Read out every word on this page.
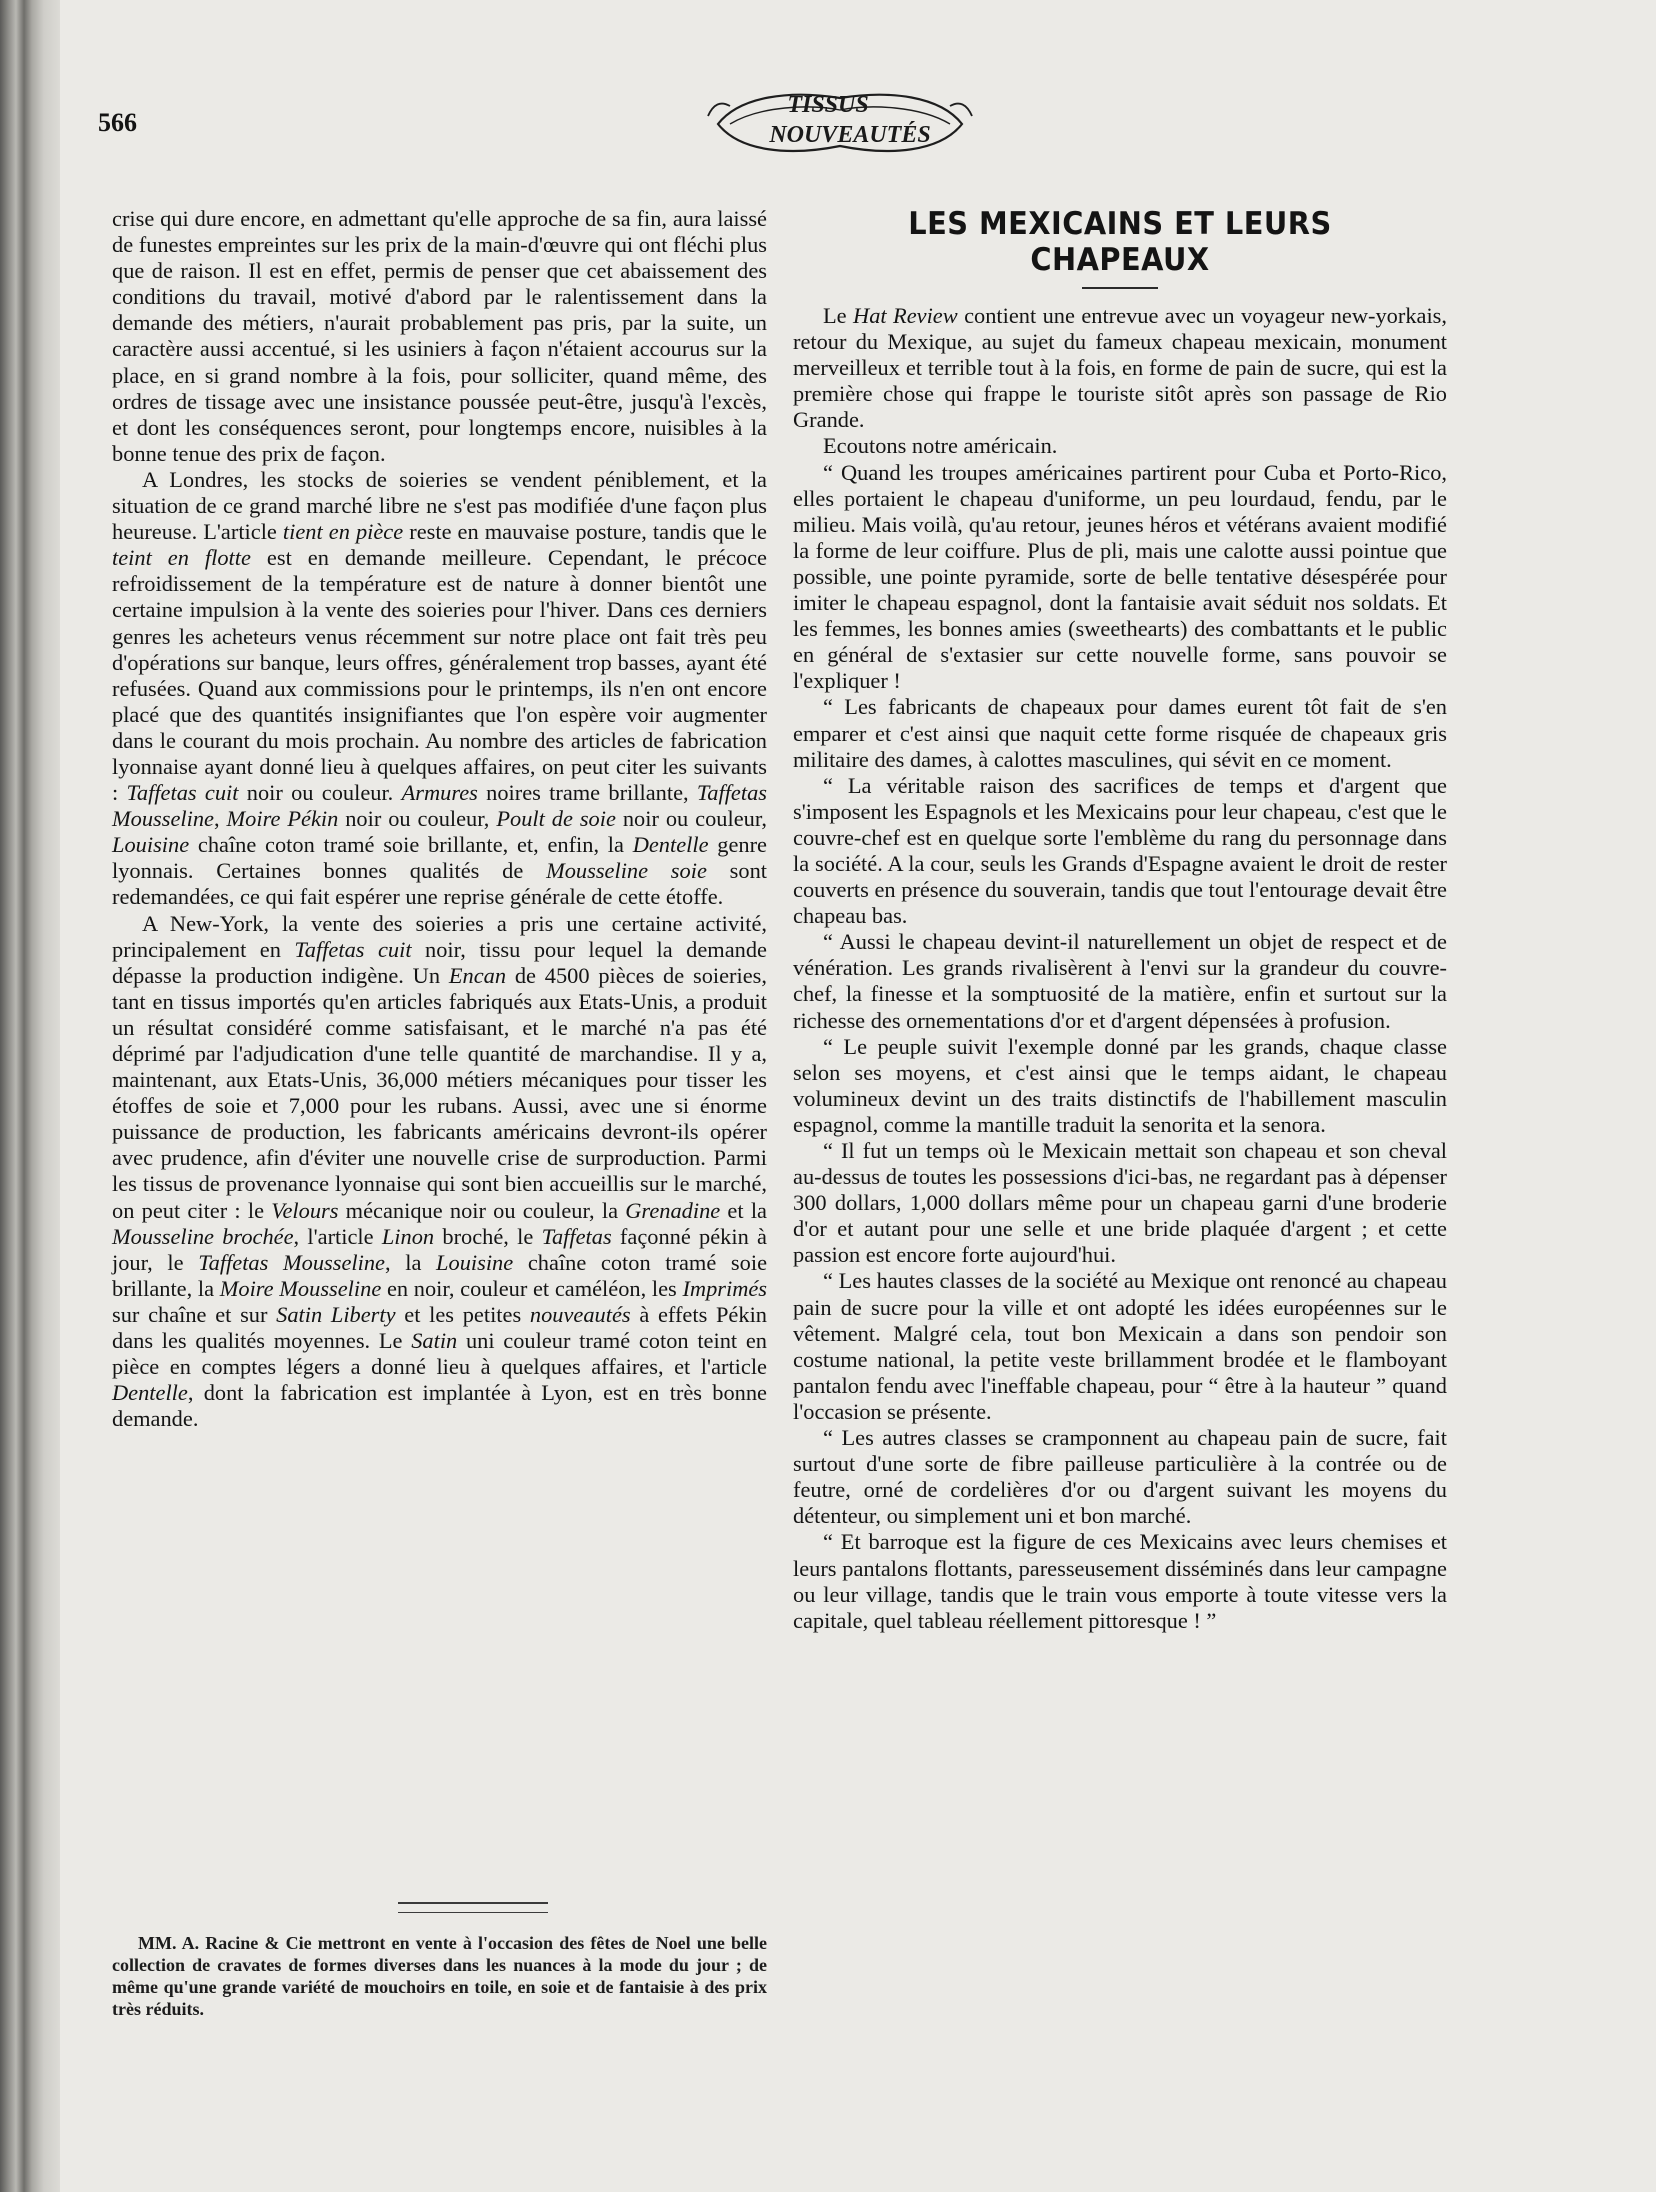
566
TISSUS
NOUVEAUTÉS

crise qui dure encore, en admettant qu'elle approche de sa fin, aura laissé de funestes empreintes sur les prix de la main-d'œuvre qui ont fléchi plus que de raison. Il est en effet, permis de penser que cet abaissement des conditions du travail, motivé d'abord par le ralentissement dans la demande des métiers, n'aurait probablement pas pris, par la suite, un caractère aussi accentué, si les usiniers à façon n'étaient accourus sur la place, en si grand nombre à la fois, pour solliciter, quand même, des ordres de tissage avec une insistance poussée peut-être, jusqu'à l'excès, et dont les conséquences seront, pour longtemps encore, nuisibles à la bonne tenue des prix de façon.

A Londres, les stocks de soieries se vendent péniblement, et la situation de ce grand marché libre ne s'est pas modifiée d'une façon plus heureuse. L'article tient en pièce reste en mauvaise posture, tandis que le teint en flotte est en demande meilleure. Cependant, le précoce refroidissement de la température est de nature à donner bientôt une certaine impulsion à la vente des soieries pour l'hiver. Dans ces derniers genres les acheteurs venus récemment sur notre place ont fait très peu d'opérations sur banque, leurs offres, généralement trop basses, ayant été refusées. Quand aux commissions pour le printemps, ils n'en ont encore placé que des quantités insignifiantes que l'on espère voir augmenter dans le courant du mois prochain. Au nombre des articles de fabrication lyonnaise ayant donné lieu à quelques affaires, on peut citer les suivants : Taffetas cuit noir ou couleur. Armures noires trame brillante, Taffetas Mousseline, Moire Pékin noir ou couleur, Poult de soie noir ou couleur, Louisine chaîne coton tramé soie brillante, et, enfin, la Dentelle genre lyonnais. Certaines bonnes qualités de Mousseline soie sont redemandées, ce qui fait espérer une reprise générale de cette étoffe.

A New-York, la vente des soieries a pris une certaine activité, principalement en Taffetas cuit noir, tissu pour lequel la demande dépasse la production indigène. Un Encan de 4500 pièces de soieries, tant en tissus importés qu'en articles fabriqués aux Etats-Unis, a produit un résultat considéré comme satisfaisant, et le marché n'a pas été déprimé par l'adjudication d'une telle quantité de marchandise. Il y a, maintenant, aux Etats-Unis, 36,000 métiers mécaniques pour tisser les étoffes de soie et 7,000 pour les rubans. Aussi, avec une si énorme puissance de production, les fabricants américains devront-ils opérer avec prudence, afin d'éviter une nouvelle crise de surproduction. Parmi les tissus de provenance lyonnaise qui sont bien accueillis sur le marché, on peut citer : le Velours mécanique noir ou couleur, la Grenadine et la Mousseline brochée, l'article Linon broché, le Taffetas façonné pékin à jour, le Taffetas Mousseline, la Louisine chaîne coton tramé soie brillante, la Moire Mousseline en noir, couleur et caméléon, les Imprimés sur chaîne et sur Satin Liberty et les petites nouveautés à effets Pékin dans les qualités moyennes. Le Satin uni couleur tramé coton teint en pièce en comptes légers a donné lieu à quelques affaires, et l'article Dentelle, dont la fabrication est implantée à Lyon, est en très bonne demande.

LES MEXICAINS ET LEURS CHAPEAUX

Le Hat Review contient une entrevue avec un voyageur new-yorkais, retour du Mexique, au sujet du fameux chapeau mexicain, monument merveilleux et terrible tout à la fois, en forme de pain de sucre, qui est la première chose qui frappe le touriste sitôt après son passage de Rio Grande.

Ecoutons notre américain.

“ Quand les troupes américaines partirent pour Cuba et Porto-Rico, elles portaient le chapeau d'uniforme, un peu lourdaud, fendu, par le milieu. Mais voilà, qu'au retour, jeunes héros et vétérans avaient modifié la forme de leur coiffure. Plus de pli, mais une calotte aussi pointue que possible, une pointe pyramide, sorte de belle tentative désespérée pour imiter le chapeau espagnol, dont la fantaisie avait séduit nos soldats. Et les femmes, les bonnes amies (sweethearts) des combattants et le public en général de s'extasier sur cette nouvelle forme, sans pouvoir se l'expliquer !

“ Les fabricants de chapeaux pour dames eurent tôt fait de s'en emparer et c'est ainsi que naquit cette forme risquée de chapeaux gris militaire des dames, à calottes masculines, qui sévit en ce moment.

“ La véritable raison des sacrifices de temps et d'argent que s'imposent les Espagnols et les Mexicains pour leur chapeau, c'est que le couvre-chef est en quelque sorte l'emblème du rang du personnage dans la société. A la cour, seuls les Grands d'Espagne avaient le droit de rester couverts en présence du souverain, tandis que tout l'entourage devait être chapeau bas.

“ Aussi le chapeau devint-il naturellement un objet de respect et de vénération. Les grands rivalisèrent à l'envi sur la grandeur du couvre-chef, la finesse et la somptuosité de la matière, enfin et surtout sur la richesse des ornementations d'or et d'argent dépensées à profusion.

“ Le peuple suivit l'exemple donné par les grands, chaque classe selon ses moyens, et c'est ainsi que le temps aidant, le chapeau volumineux devint un des traits distinctifs de l'habillement masculin espagnol, comme la mantille traduit la senorita et la senora.

“ Il fut un temps où le Mexicain mettait son chapeau et son cheval au-dessus de toutes les possessions d'ici-bas, ne regardant pas à dépenser 300 dollars, 1,000 dollars même pour un chapeau garni d'une broderie d'or et autant pour une selle et une bride plaquée d'argent ; et cette passion est encore forte aujourd'hui.

“ Les hautes classes de la société au Mexique ont renoncé au chapeau pain de sucre pour la ville et ont adopté les idées européennes sur le vêtement. Malgré cela, tout bon Mexicain a dans son pendoir son costume national, la petite veste brillamment brodée et le flamboyant pantalon fendu avec l'ineffable chapeau, pour “ être à la hauteur ” quand l'occasion se présente.

“ Les autres classes se cramponnent au chapeau pain de sucre, fait surtout d'une sorte de fibre pailleuse particulière à la contrée ou de feutre, orné de cordelières d'or ou d'argent suivant les moyens du détenteur, ou simplement uni et bon marché.

“ Et barroque est la figure de ces Mexicains avec leurs chemises et leurs pantalons flottants, paresseusement disséminés dans leur campagne ou leur village, tandis que le train vous emporte à toute vitesse vers la capitale, quel tableau réellement pittoresque ! ”

MM. A. Racine & Cie mettront en vente à l'occasion des fêtes de Noel une belle collection de cravates de formes diverses dans les nuances à la mode du jour ; de même qu'une grande variété de mouchoirs en toile, en soie et de fantaisie à des prix très réduits.
